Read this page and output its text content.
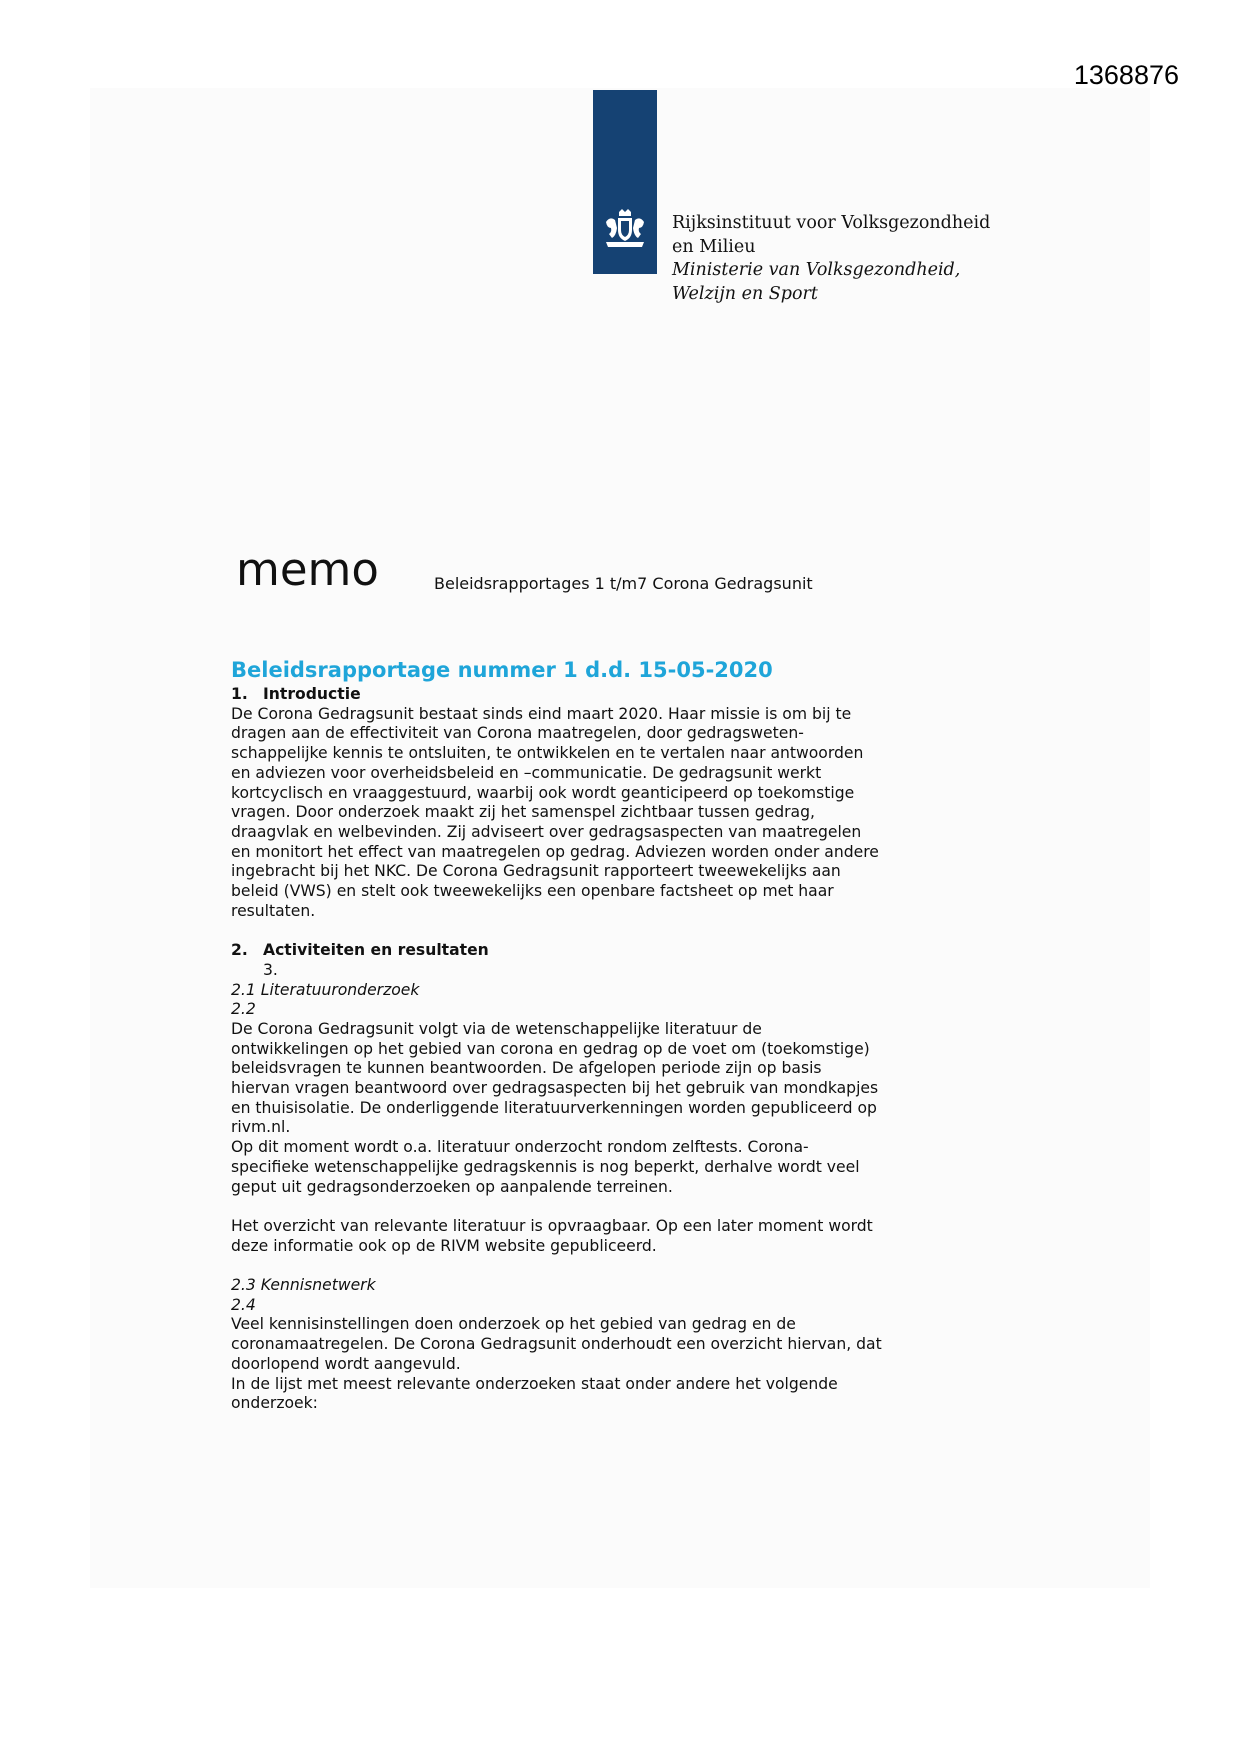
1368876
Rijksinstituut voor Volksgezondheid
en Milieu
Ministerie van Volksgezondheid,
Welzijn en Sport
memo	Beleidsrapportages 1 t/m7 Corona Gedragsunit

Beleidsrapportage nummer 1 d.d. 15-05-2020

1. Introductie

De Corona Gedragsunit bestaat sinds eind maart 2020. Haar missie is om bij te

dragen aan de effectiviteit van Corona maatregelen, door gedragsweten-

schappelijke kennis te ontsluiten, te ontwikkelen en te vertalen naar antwoorden

en adviezen voor overheidsbeleid en –communicatie. De gedragsunit werkt

kortcyclisch en vraaggestuurd, waarbij ook wordt geanticipeerd op toekomstige

vragen. Door onderzoek maakt zij het samenspel zichtbaar tussen gedrag,

draagvlak en welbevinden. Zij adviseert over gedragsaspecten van maatregelen

en monitort het effect van maatregelen op gedrag. Adviezen worden onder andere

ingebracht bij het NKC. De Corona Gedragsunit rapporteert tweewekelijks aan

beleid (VWS) en stelt ook tweewekelijks een openbare factsheet op met haar

resultaten.

2. Activiteiten en resultaten

3.

2.1 Literatuuronderzoek

2.2

De Corona Gedragsunit volgt via de wetenschappelijke literatuur de

ontwikkelingen op het gebied van corona en gedrag op de voet om (toekomstige)

beleidsvragen te kunnen beantwoorden. De afgelopen periode zijn op basis

hiervan vragen beantwoord over gedragsaspecten bij het gebruik van mondkapjes

en thuisisolatie. De onderliggende literatuurverkenningen worden gepubliceerd op

rivm.nl.

Op dit moment wordt o.a. literatuur onderzocht rondom zelftests. Corona-

specifieke wetenschappelijke gedragskennis is nog beperkt, derhalve wordt veel

geput uit gedragsonderzoeken op aanpalende terreinen.

Het overzicht van relevante literatuur is opvraagbaar. Op een later moment wordt

deze informatie ook op de RIVM website gepubliceerd.

2.3 Kennisnetwerk

2.4

Veel kennisinstellingen doen onderzoek op het gebied van gedrag en de

coronamaatregelen. De Corona Gedragsunit onderhoudt een overzicht hiervan, dat

doorlopend wordt aangevuld.

In de lijst met meest relevante onderzoeken staat onder andere het volgende

onderzoek:
